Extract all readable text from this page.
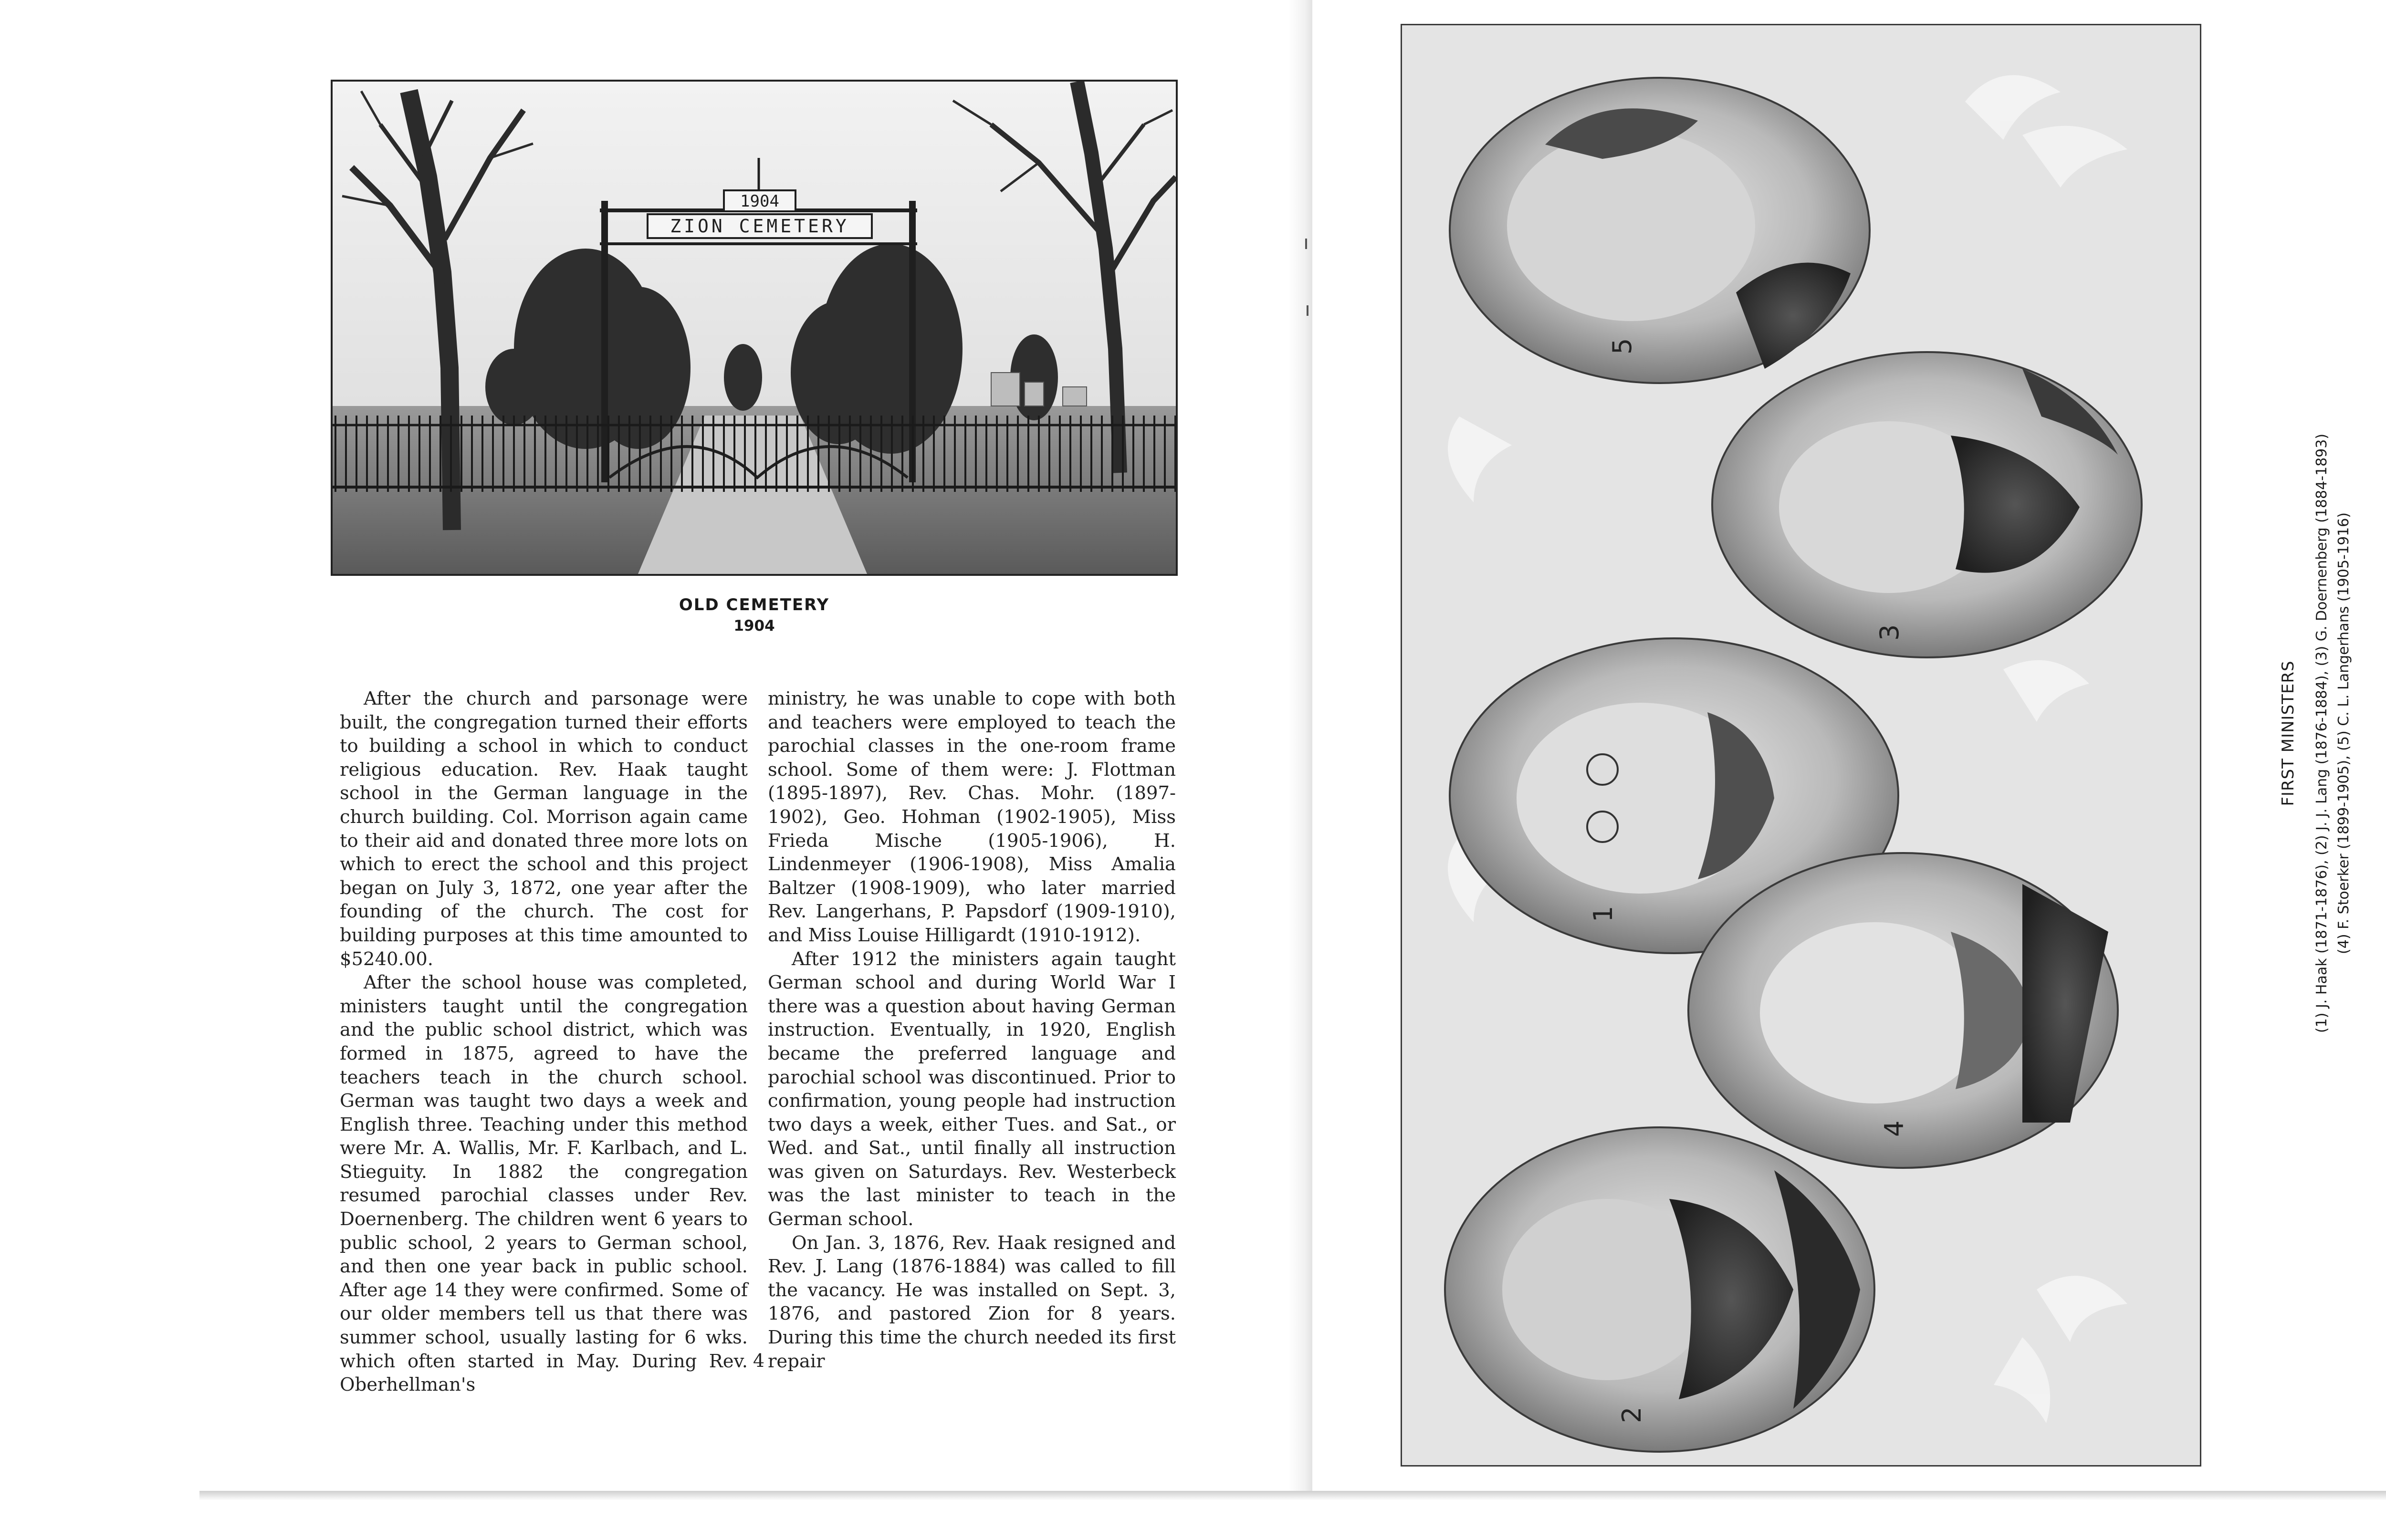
1904
ZION CEMETERY
OLD CEMETERY
1904

After the church and parsonage were built, the congregation turned their efforts to building a school in which to conduct religious education. Rev. Haak taught school in the German language in the church building. Col. Morrison again came to their aid and donated three more lots on which to erect the school and this project began on July 3, 1872, one year after the founding of the church. The cost for building purposes at this time amounted to $5240.00.

After the school house was completed, ministers taught until the congregation and the public school district, which was formed in 1875, agreed to have the teachers teach in the church school. German was taught two days a week and English three. Teaching under this method were Mr. A. Wallis, Mr. F. Karlbach, and L. Stieguity. In 1882 the congregation resumed parochial classes under Rev. Doernenberg. The children went 6 years to public school, 2 years to German school, and then one year back in public school. After age 14 they were confirmed. Some of our older members tell us that there was summer school, usually lasting for 6 wks. which often started in May. During Rev. Oberhellman's

ministry, he was unable to cope with both and teachers were employed to teach the parochial classes in the one-room frame school. Some of them were: J. Flottman (1895-1897), Rev. Chas. Mohr. (1897-1902), Geo. Hohman (1902-1905), Miss Frieda Mische (1905-1906), H. Lindenmeyer (1906-1908), Miss Amalia Baltzer (1908-1909), who later married Rev. Langerhans, P. Papsdorf (1909-1910), and Miss Louise Hilligardt (1910-1912).

After 1912 the ministers again taught German school and during World War I there was a question about having German instruction. Eventually, in 1920, English became the preferred language and parochial school was discontinued. Prior to confirmation, young people had instruction two days a week, either Tues. and Sat., or Wed. and Sat., until finally all instruction was given on Saturdays. Rev. Westerbeck was the last minister to teach in the German school.

On Jan. 3, 1876, Rev. Haak resigned and Rev. J. Lang (1876-1884) was called to fill the vacancy. He was installed on Sept. 3, 1876, and pastored Zion for 8 years. During this time the church needed its first repair

4
5
3
1
4
2
FIRST MINISTERS (1) J. Haak (1871-1876), (2) J. J. Lang (1876-1884), (3) G. Doernenberg (1884-1893) (4) F. Stoerker (1899-1905), (5) C. L. Langerhans (1905-1916)
